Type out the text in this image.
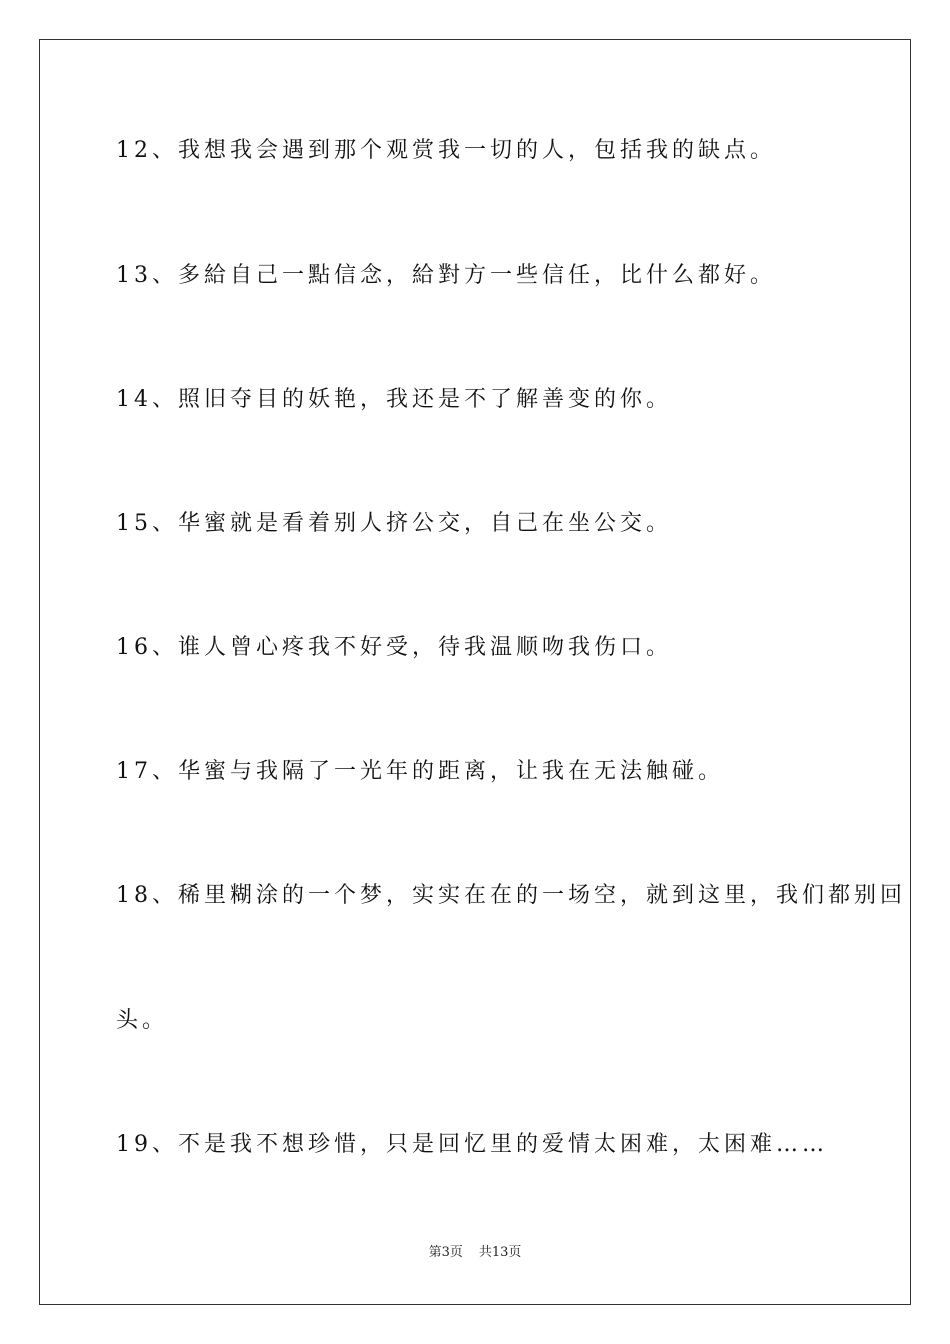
12、我想我会遇到那个观赏我一切的人，包括我的缺点。

13、多給自己一點信念，給對方一些信任，比什么都好。

14、照旧夺目的妖艳，我还是不了解善变的你。

15、华蜜就是看着别人挤公交，自己在坐公交。

16、谁人曾心疼我不好受，待我温顺吻我伤口。

17、华蜜与我隔了一光年的距离，让我在无法触碰。

18、稀里糊涂的一个梦，实实在在的一场空，就到这里，我们都别回

头。

19、不是我不想珍惜，只是回忆里的爱情太困难，太困难……

第3页 共13页
